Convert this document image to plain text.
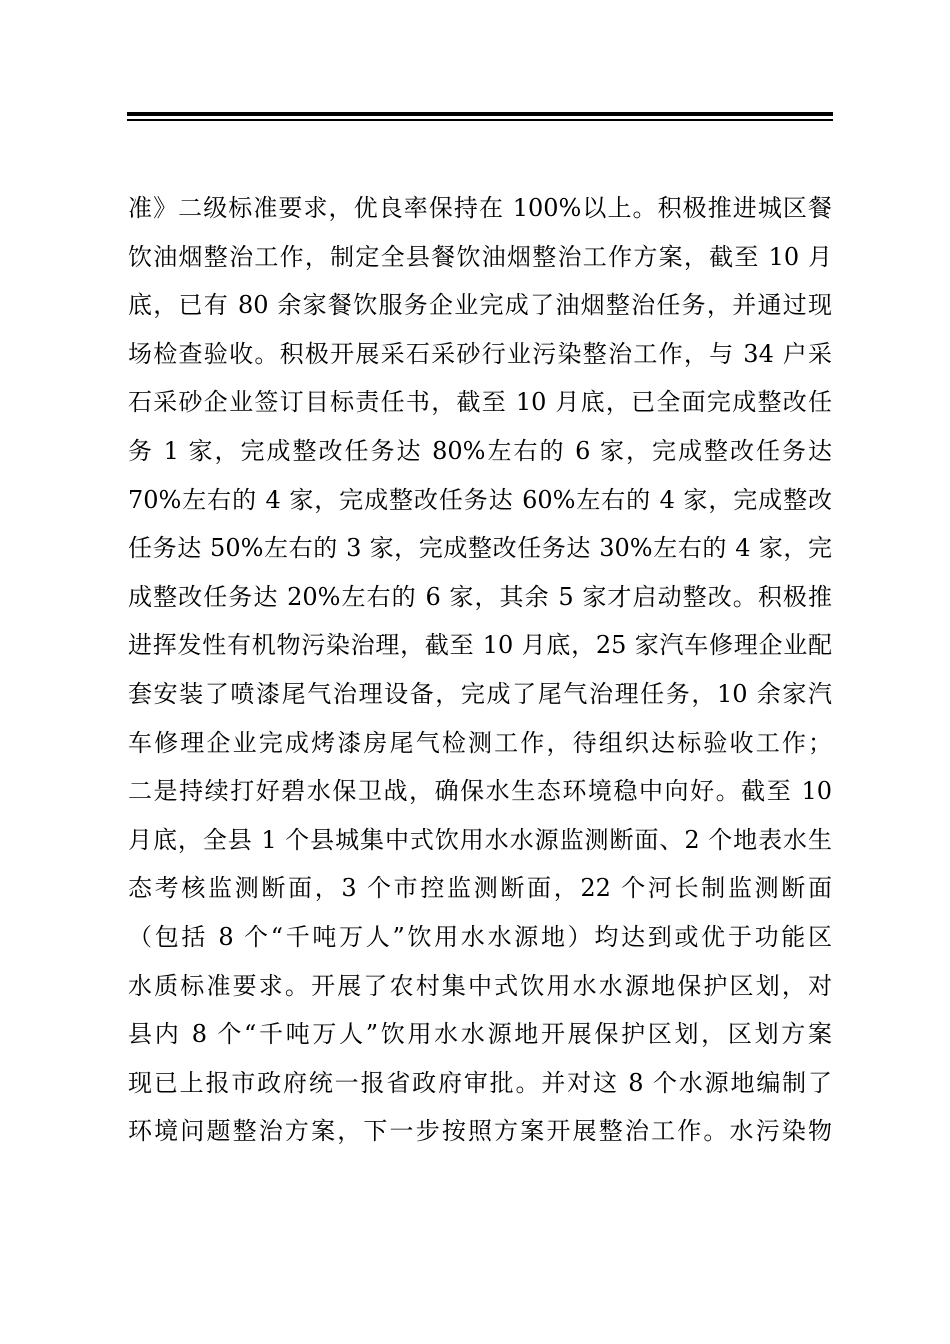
准》二级标准要求，优良率保持在 100%以上。积极推进城区餐
饮油烟整治工作，制定全县餐饮油烟整治工作方案，截至 10 月
底，已有 80 余家餐饮服务企业完成了油烟整治任务，并通过现
场检查验收。积极开展采石采砂行业污染整治工作，与 34 户采
石采砂企业签订目标责任书，截至 10 月底，已全面完成整改任
务 1 家，完成整改任务达 80%左右的 6 家，完成整改任务达
70%左右的 4 家，完成整改任务达 60%左右的 4 家，完成整改
任务达 50%左右的 3 家，完成整改任务达 30%左右的 4 家，完
成整改任务达 20%左右的 6 家，其余 5 家才启动整改。积极推
进挥发性有机物污染治理，截至 10 月底，25 家汽车修理企业配
套安装了喷漆尾气治理设备，完成了尾气治理任务，10 余家汽
车修理企业完成烤漆房尾气检测工作，待组织达标验收工作；
二是持续打好碧水保卫战，确保水生态环境稳中向好。截至 10
月底，全县 1 个县城集中式饮用水水源监测断面、2 个地表水生
态考核监测断面，3 个市控监测断面，22 个河长制监测断面
（包括 8 个“千吨万人”饮用水水源地）均达到或优于功能区
水质标准要求。开展了农村集中式饮用水水源地保护区划，对
县内 8 个“千吨万人”饮用水水源地开展保护区划，区划方案
现已上报市政府统一报省政府审批。并对这 8 个水源地编制了
环境问题整治方案，下一步按照方案开展整治工作。水污染物
